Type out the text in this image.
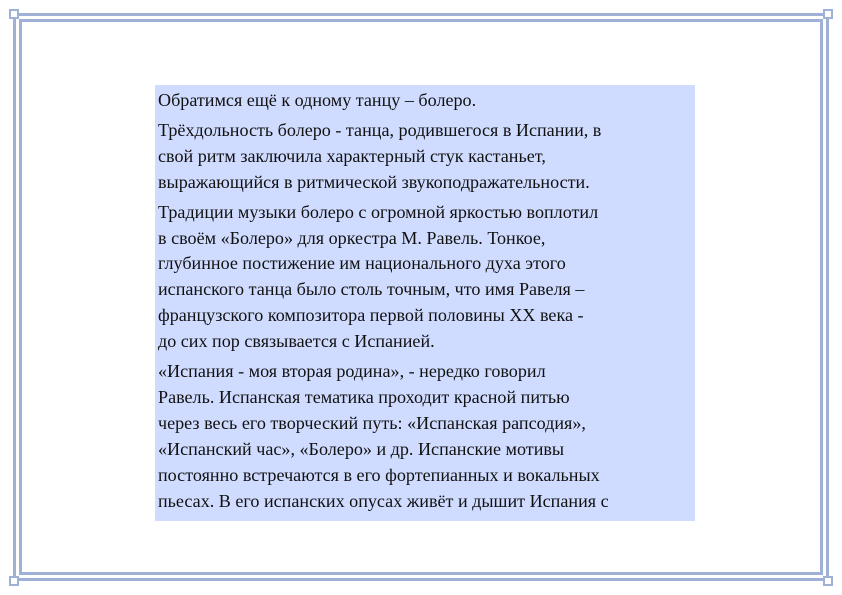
Обратимся ещё к одному танцу – болеро.
Трёхдольность болеро - танца, родившегося в Испании, в
свой ритм заключила характерный стук кастаньет,
выражающийся в ритмической звукоподражательности.
Традиции музыки болеро с огромной яркостью воплотил
в своём «Болеро» для оркестра М. Равель. Тонкое,
глубинное постижение им национального духа этого
испанского танца было столь точным, что имя Равеля –
французского композитора первой половины XX века -
до сих пор связывается с Испанией.
«Испания - моя вторая родина», - нередко говорил
Равель. Испанская тематика проходит красной питью
через весь его творческий путь: «Испанская рапсодия»,
«Испанский час», «Болеро» и др. Испанские мотивы
постоянно встречаются в его фортепианных и вокальных
пьесах. В его испанских опусах живёт и дышит Испания с
